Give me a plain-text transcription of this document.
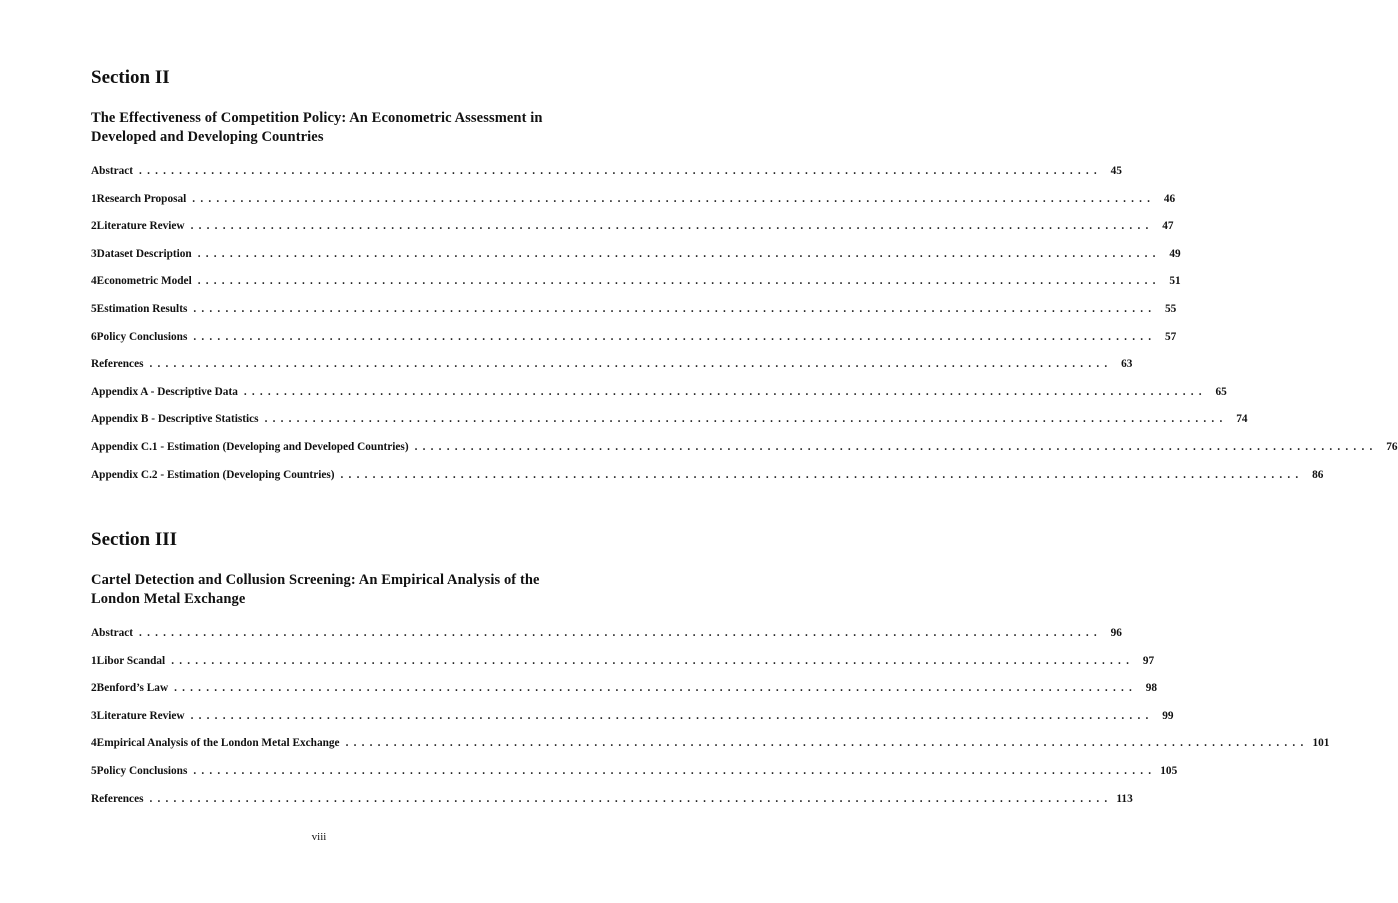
Section II
The Effectiveness of Competition Policy: An Econometric Assessment in Developed and Developing Countries
Abstract ........................................................................................................................ 45
1 Research Proposal ........................................................................................................................ 46
2 Literature Review ........................................................................................................................ 47
3 Dataset Description ........................................................................................................................ 49
4 Econometric Model ........................................................................................................................ 51
5 Estimation Results ........................................................................................................................ 55
6 Policy Conclusions ........................................................................................................................ 57
References ........................................................................................................................ 63
Appendix A - Descriptive Data ........................................................................................................................ 65
Appendix B - Descriptive Statistics ........................................................................................................................ 74
Appendix C.1 - Estimation (Developing and Developed Countries) ........................................................................................................................ 76
Appendix C.2 - Estimation (Developing Countries) ........................................................................................................................ 86
Section III
Cartel Detection and Collusion Screening: An Empirical Analysis of the London Metal Exchange
Abstract ........................................................................................................................ 96
1 Libor Scandal ........................................................................................................................ 97
2 Benford’s Law ........................................................................................................................ 98
3 Literature Review ........................................................................................................................ 99
4 Empirical Analysis of the London Metal Exchange ........................................................................................................................ 101
5 Policy Conclusions ........................................................................................................................ 105
References ........................................................................................................................ 113
viii
